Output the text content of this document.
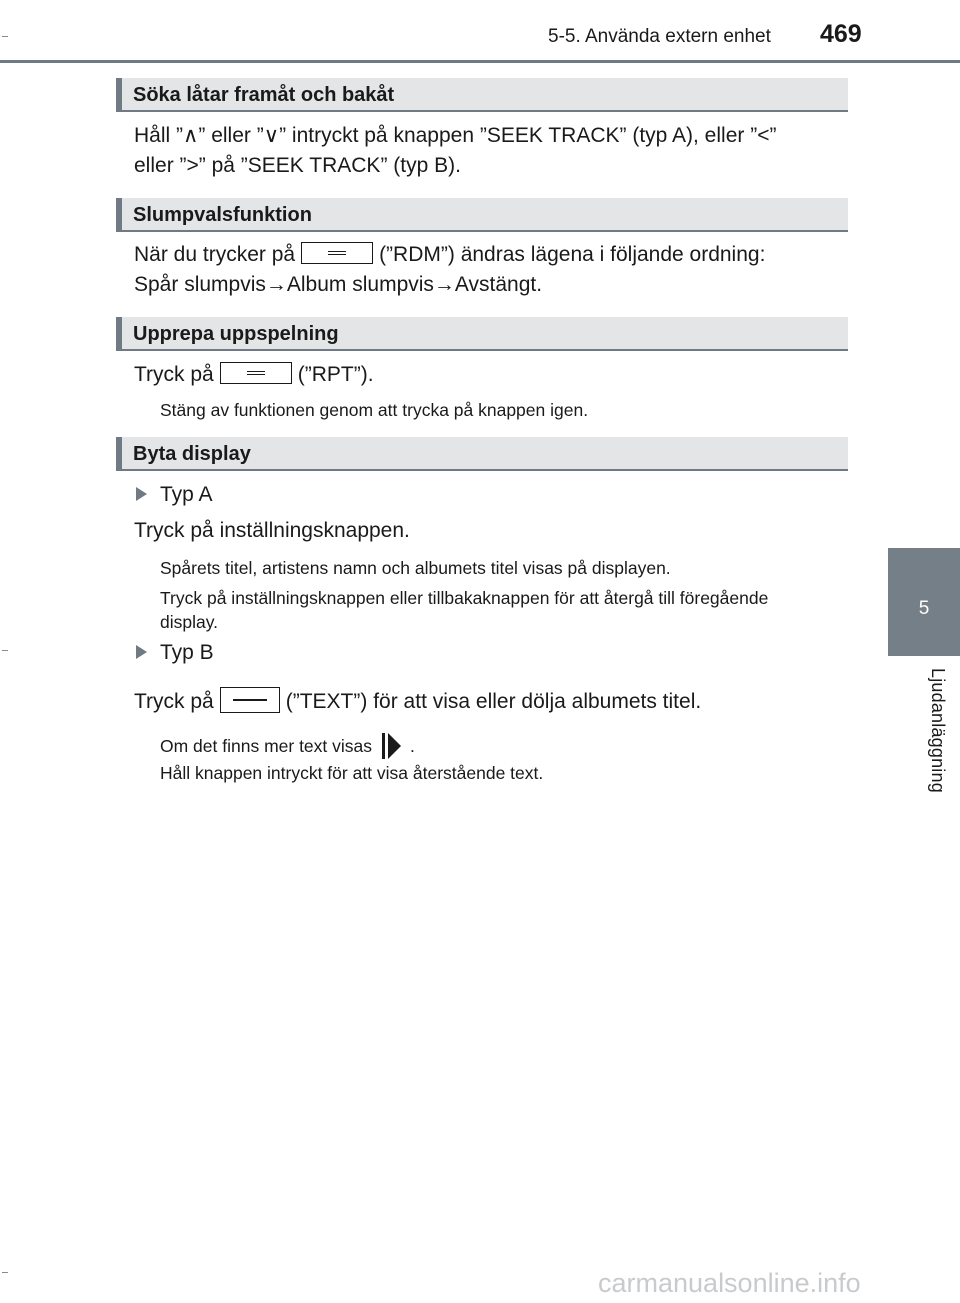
5-5. Använda extern enhet 469
5
Ljudanläggning
Söka låtar framåt och bakåt
Håll ”∧” eller ”∨” intryckt på knappen ”SEEK TRACK” (typ A), eller ”<”
eller ”>” på ”SEEK TRACK” (typ B).
Slumpvalsfunktion
När du trycker på	(”RDM”) ändras lägena i följande ordning:
Spår slumpvis→Album slumpvis→Avstängt.
Upprepa uppspelning
Tryck på	(”RPT”).
Stäng av funktionen genom att trycka på knappen igen.
Byta display
Typ A
Tryck på inställningsknappen.
Spårets titel, artistens namn och albumets titel visas på displayen.
Tryck på inställningsknappen eller tillbakaknappen för att återgå till föregående
display.
Typ B
Tryck på	(”TEXT”) för att visa eller dölja albumets titel.
Om det finns mer text visas .
Håll knappen intryckt för att visa återstående text.
carmanualsonline.info
